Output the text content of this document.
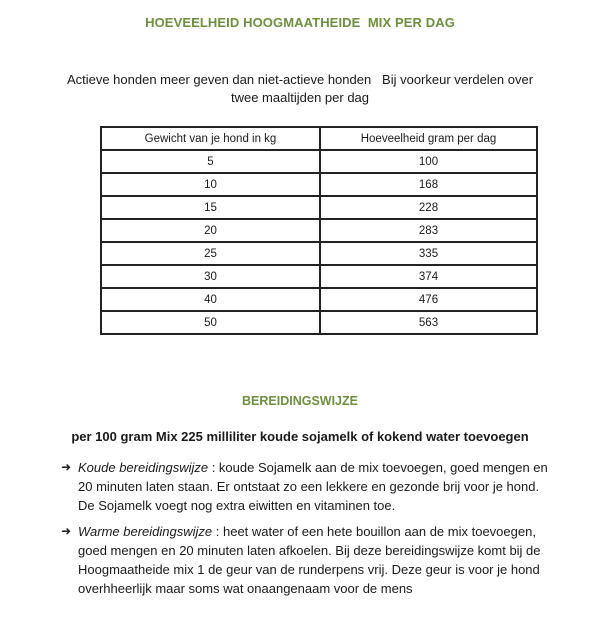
HOEVEELHEID HOOGMAATHEIDE  MIX PER DAG
Actieve honden meer geven dan niet-actieve honden   Bij voorkeur verdelen over twee maaltijden per dag
Gewicht van je hond in kg	Hoeveelheid gram per dag
5	100
10	168
15	228
20	283
25	335
30	374
40	476
50	563
BEREIDINGSWIJZE
per 100 gram Mix 225 milliliter koude sojamelk of kokend water toevoegen
➜ Koude bereidingswijze : koude Sojamelk aan de mix toevoegen, goed mengen en 20 minuten laten staan. Er ontstaat zo een lekkere en gezonde brij voor je hond. De Sojamelk voegt nog extra eiwitten en vitaminen toe.
➜ Warme bereidingswijze : heet water of een hete bouillon aan de mix toevoegen, goed mengen en 20 minuten laten afkoelen. Bij deze bereidingswijze komt bij de Hoogmaatheide mix 1 de geur van de runderpens vrij. Deze geur is voor je hond overhheerlijk maar soms wat onaangenaam voor de mens
